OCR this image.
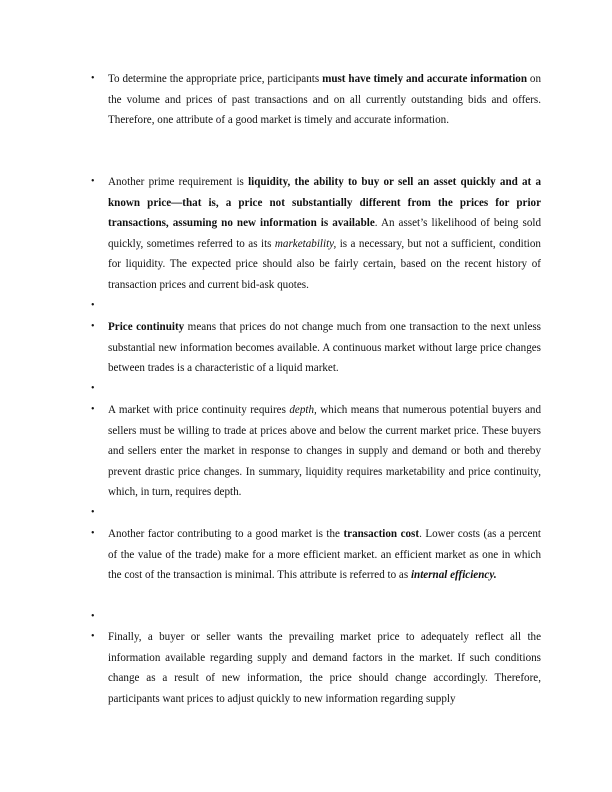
•	To determine the appropriate price, participants must have timely and accurate information on the volume and prices of past transactions and on all currently outstanding bids and offers. Therefore, one attribute of a good market is timely and accurate information.
•	Another prime requirement is liquidity, the ability to buy or sell an asset quickly and at a known price—that is, a price not substantially different from the prices for prior transactions, assuming no new information is available. An asset’s likelihood of being sold quickly, sometimes referred to as its marketability, is a necessary, but not a sufficient, condition for liquidity. The expected price should also be fairly certain, based on the recent history of transaction prices and current bid-ask quotes.
•
•	Price continuity means that prices do not change much from one transaction to the next unless substantial new information becomes available. A continuous market without large price changes between trades is a characteristic of a liquid market.
•
•	A market with price continuity requires depth, which means that numerous potential buyers and sellers must be willing to trade at prices above and below the current market price. These buyers and sellers enter the market in response to changes in supply and demand or both and thereby prevent drastic price changes. In summary, liquidity requires marketability and price continuity, which, in turn, requires depth.
•
•	Another factor contributing to a good market is the transaction cost. Lower costs (as a percent of the value of the trade) make for a more efficient market. an efficient market as one in which the cost of the transaction is minimal. This attribute is referred to as internal efficiency.
•
•	Finally, a buyer or seller wants the prevailing market price to adequately reflect all the information available regarding supply and demand factors in the market. If such conditions change as a result of new information, the price should change accordingly. Therefore, participants want prices to adjust quickly to new information regarding supply
